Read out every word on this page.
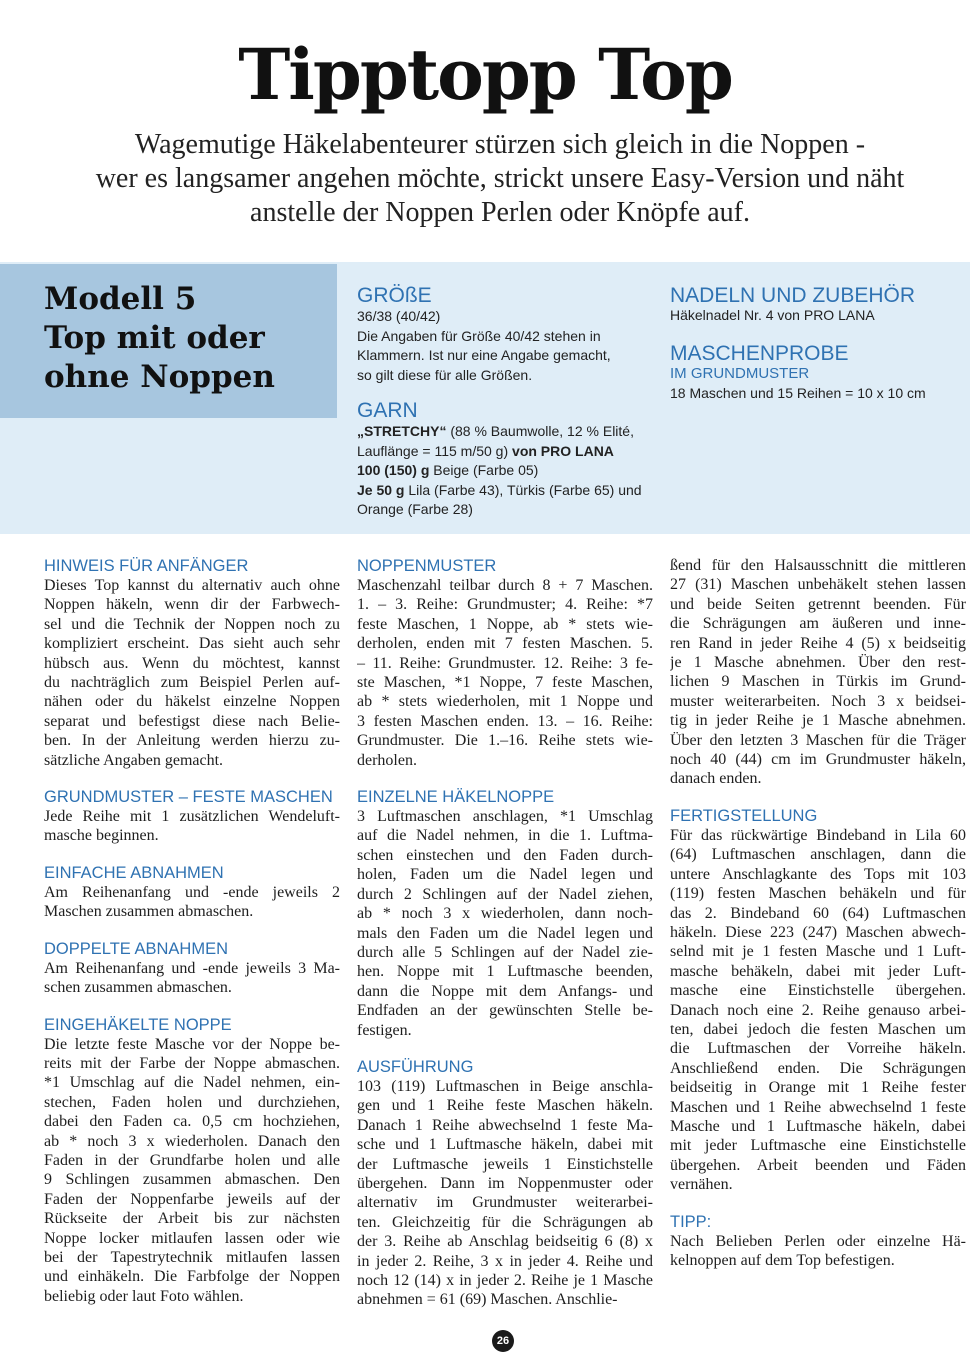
Tipptopp Top
Wagemutige Häkelabenteurer stürzen sich gleich in die Noppen -
wer es langsamer angehen möchte, strickt unsere Easy-Version und näht
anstelle der Noppen Perlen oder Knöpfe auf.
Modell 5
Top mit oder
ohne Noppen
GRÖßE
36/38 (40/42)
Die Angaben für Größe 40/42 stehen in
Klammern. Ist nur eine Angabe gemacht,
so gilt diese für alle Größen.
GARN
„STRETCHY“ (88 % Baumwolle, 12 % Elité,
Lauflänge = 115 m/50 g) von PRO LANA
100 (150) g Beige (Farbe 05)
Je 50 g Lila (Farbe 43), Türkis (Farbe 65) und
Orange (Farbe 28)
NADELN UND ZUBEHÖR
Häkelnadel Nr. 4 von PRO LANA
MASCHENPROBE
IM GRUNDMUSTER
18 Maschen und 15 Reihen = 10 x 10 cm
HINWEIS FÜR ANFÄNGER
Dieses Top kannst du alternativ auch ohne
Noppen häkeln, wenn dir der Farbwech-
sel und die Technik der Noppen noch zu
kompliziert erscheint. Das sieht auch sehr
hübsch aus. Wenn du möchtest, kannst
du nachträglich zum Beispiel Perlen auf-
nähen oder du häkelst einzelne Noppen
separat und befestigst diese nach Belie-
ben. In der Anleitung werden hierzu zu-
sätzliche Angaben gemacht.
GRUNDMUSTER – FESTE MASCHEN
Jede Reihe mit 1 zusätzlichen Wendeluft-
masche beginnen.
EINFACHE ABNAHMEN
Am Reihenanfang und -ende jeweils 2
Maschen zusammen abmaschen.
DOPPELTE ABNAHMEN
Am Reihenanfang und -ende jeweils 3 Ma-
schen zusammen abmaschen.
EINGEHÄKELTE NOPPE
Die letzte feste Masche vor der Noppe be-
reits mit der Farbe der Noppe abmaschen.
*1 Umschlag auf die Nadel nehmen, ein-
stechen, Faden holen und durchziehen,
dabei den Faden ca. 0,5 cm hochziehen,
ab * noch 3 x wiederholen. Danach den
Faden in der Grundfarbe holen und alle
9 Schlingen zusammen abmaschen. Den
Faden der Noppenfarbe jeweils auf der
Rückseite der Arbeit bis zur nächsten
Noppe locker mitlaufen lassen oder wie
bei der Tapestrytechnik mitlaufen lassen
und einhäkeln. Die Farbfolge der Noppen
beliebig oder laut Foto wählen.
NOPPENMUSTER
Maschenzahl teilbar durch 8 + 7 Maschen.
1. – 3. Reihe: Grundmuster; 4. Reihe: *7
feste Maschen, 1 Noppe, ab * stets wie-
derholen, enden mit 7 festen Maschen. 5.
– 11. Reihe: Grundmuster. 12. Reihe: 3 fe-
ste Maschen, *1 Noppe, 7 feste Maschen,
ab * stets wiederholen, mit 1 Noppe und
3 festen Maschen enden. 13. – 16. Reihe:
Grundmuster. Die 1.–16. Reihe stets wie-
derholen.
EINZELNE HÄKELNOPPE
3 Luftmaschen anschlagen, *1 Umschlag
auf die Nadel nehmen, in die 1. Luftma-
schen einstechen und den Faden durch-
holen, Faden um die Nadel legen und
durch 2 Schlingen auf der Nadel ziehen,
ab * noch 3 x wiederholen, dann noch-
mals den Faden um die Nadel legen und
durch alle 5 Schlingen auf der Nadel zie-
hen. Noppe mit 1 Luftmasche beenden,
dann die Noppe mit dem Anfangs- und
Endfaden an der gewünschten Stelle be-
festigen.
AUSFÜHRUNG
103 (119) Luftmaschen in Beige anschla-
gen und 1 Reihe feste Maschen häkeln.
Danach 1 Reihe abwechselnd 1 feste Ma-
sche und 1 Luftmasche häkeln, dabei mit
der Luftmasche jeweils 1 Einstichstelle
übergehen. Dann im Noppenmuster oder
alternativ im Grundmuster weiterarbei-
ten. Gleichzeitig für die Schrägungen ab
der 3. Reihe ab Anschlag beidseitig 6 (8) x
in jeder 2. Reihe, 3 x in jeder 4. Reihe und
noch 12 (14) x in jeder 2. Reihe je 1 Masche
abnehmen = 61 (69) Maschen. Anschlie-
ßend für den Halsausschnitt die mittleren
27 (31) Maschen unbehäkelt stehen lassen
und beide Seiten getrennt beenden. Für
die Schrägungen am äußeren und inne-
ren Rand in jeder Reihe 4 (5) x beidseitig
je 1 Masche abnehmen. Über den rest-
lichen 9 Maschen in Türkis im Grund-
muster weiterarbeiten. Noch 3 x beidsei-
tig in jeder Reihe je 1 Masche abnehmen.
Über den letzten 3 Maschen für die Träger
noch 40 (44) cm im Grundmuster häkeln,
danach enden.
FERTIGSTELLUNG
Für das rückwärtige Bindeband in Lila 60
(64) Luftmaschen anschlagen, dann die
untere Anschlagkante des Tops mit 103
(119) festen Maschen behäkeln und für
das 2. Bindeband 60 (64) Luftmaschen
häkeln. Diese 223 (247) Maschen abwech-
selnd mit je 1 festen Masche und 1 Luft-
masche behäkeln, dabei mit jeder Luft-
masche eine Einstichstelle übergehen.
Danach noch eine 2. Reihe genauso arbei-
ten, dabei jedoch die festen Maschen um
die Luftmaschen der Vorreihe häkeln.
Anschließend enden. Die Schrägungen
beidseitig in Orange mit 1 Reihe fester
Maschen und 1 Reihe abwechselnd 1 feste
Masche und 1 Luftmasche häkeln, dabei
mit jeder Luftmasche eine Einstichstelle
übergehen. Arbeit beenden und Fäden
vernähen.
TIPP:
Nach Belieben Perlen oder einzelne Hä-
kelnoppen auf dem Top befestigen.
26
